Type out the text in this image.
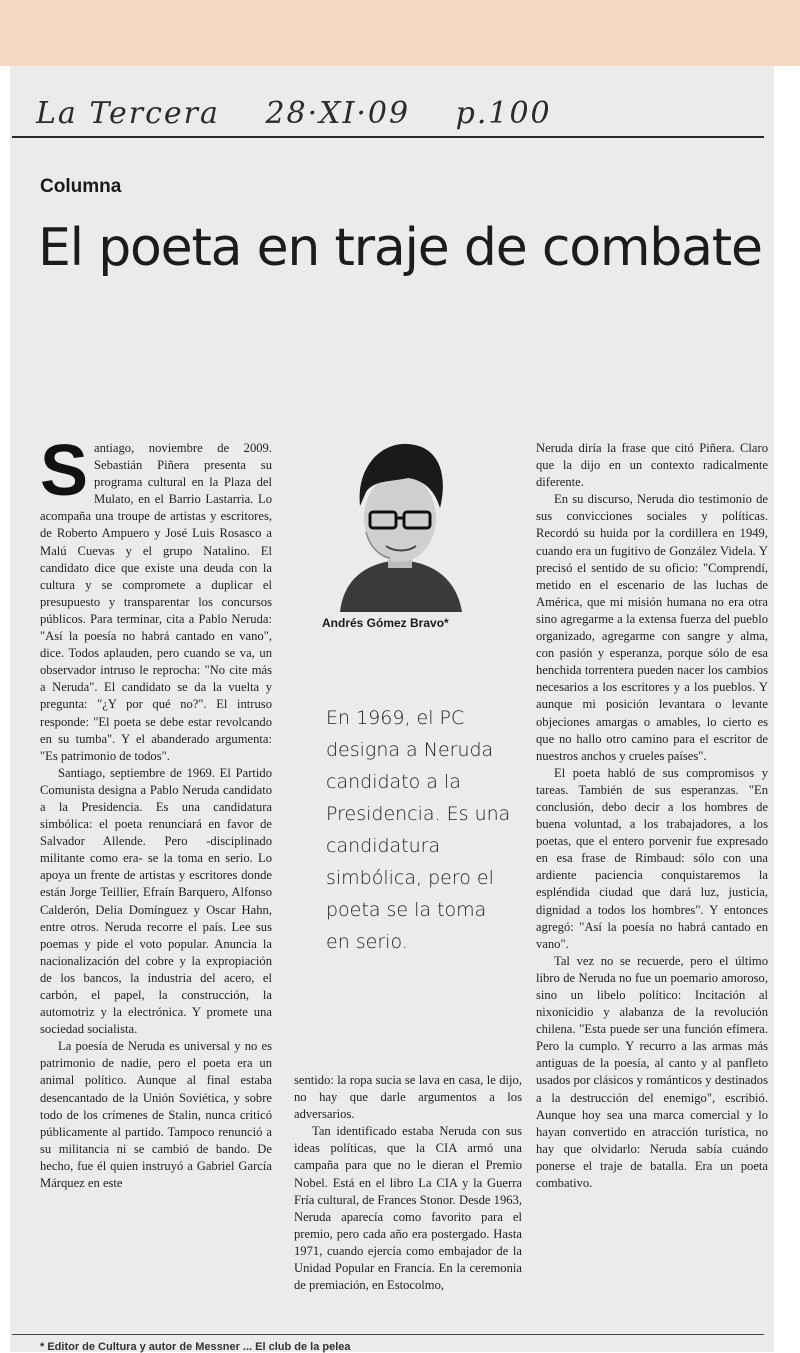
La Tercera 28·XI·09 p.100
Columna
El poeta en traje de combate

Santiago, noviembre de 2009. Sebastián Piñera presenta su programa cultural en la Plaza del Mulato, en el Barrio Lastarria. Lo acompaña una troupe de artistas y escritores, de Roberto Ampuero y José Luis Rosasco a Malú Cuevas y el grupo Natalino. El candidato dice que existe una deuda con la cultura y se compromete a duplicar el presupuesto y transparentar los concursos públicos. Para terminar, cita a Pablo Neruda: "Así la poesía no habrá cantado en vano", dice. Todos aplauden, pero cuando se va, un observador intruso le reprocha: "No cite más a Neruda". El candidato se da la vuelta y pregunta: "¿Y por qué no?". El intruso responde: "El poeta se debe estar revolcando en su tumba". Y el abanderado argumenta: "Es patrimonio de todos".

Santiago, septiembre de 1969. El Partido Comunista designa a Pablo Neruda candidato a la Presidencia. Es una candidatura simbólica: el poeta renunciará en favor de Salvador Allende. Pero -disciplinado militante como era- se la toma en serio. Lo apoya un frente de artistas y escritores donde están Jorge Teillier, Efraín Barquero, Alfonso Calderón, Delia Domínguez y Oscar Hahn, entre otros. Neruda recorre el país. Lee sus poemas y pide el voto popular. Anuncia la nacionalización del cobre y la expropiación de los bancos, la industria del acero, el carbón, el papel, la construcción, la automotriz y la electrónica. Y promete una sociedad socialista.

La poesía de Neruda es universal y no es patrimonio de nadie, pero el poeta era un animal político. Aunque al final estaba desencantado de la Unión Soviética, y sobre todo de los crímenes de Stalin, nunca criticó públicamente al partido. Tampoco renunció a su militancia ni se cambió de bando. De hecho, fue él quien instruyó a Gabriel García Márquez en este

Andrés Gómez Bravo*
En 1969, el PC designa a Neruda candidato a la Presidencia. Es una candidatura simbólica, pero el poeta se la toma en serio.

sentido: la ropa sucia se lava en casa, le dijo, no hay que darle argumentos a los adversarios.

Tan identificado estaba Neruda con sus ideas políticas, que la CIA armó una campaña para que no le dieran el Premio Nobel. Está en el libro La CIA y la Guerra Fría cultural, de Frances Stonor. Desde 1963, Neruda aparecía como favorito para el premio, pero cada año era postergado. Hasta 1971, cuando ejercía como embajador de la Unidad Popular en Francia. En la ceremonia de premiación, en Estocolmo,

Neruda diría la frase que citó Piñera. Claro que la dijo en un contexto radicalmente diferente.

En su discurso, Neruda dio testimonio de sus convicciones sociales y políticas. Recordó su huida por la cordillera en 1949, cuando era un fugitivo de González Videla. Y precisó el sentido de su oficio: "Comprendí, metido en el escenario de las luchas de América, que mi misión humana no era otra sino agregarme a la extensa fuerza del pueblo organizado, agregarme con sangre y alma, con pasión y esperanza, porque sólo de esa henchida torrentera pueden nacer los cambios necesarios a los escritores y a los pueblos. Y aunque mi posición levantara o levante objeciones amargas o amables, lo cierto es que no hallo otro camino para el escritor de nuestros anchos y crueles países".

El poeta habló de sus compromisos y tareas. También de sus esperanzas. "En conclusión, debo decir a los hombres de buena voluntad, a los trabajadores, a los poetas, que el entero porvenir fue expresado en esa frase de Rimbaud: sólo con una ardiente paciencia conquistaremos la espléndida ciudad que dará luz, justicia, dignidad a todos los hombres". Y entonces agregó: "Así la poesía no habrá cantado en vano".

Tal vez no se recuerde, pero el último libro de Neruda no fue un poemario amoroso, sino un libelo político: Incitación al nixonicidio y alabanza de la revolución chilena. "Esta puede ser una función efímera. Pero la cumplo. Y recurro a las armas más antiguas de la poesía, al canto y al panfleto usados por clásicos y románticos y destinados a la destrucción del enemigo", escribió. Aunque hoy sea una marca comercial y lo hayan convertido en atracción turística, no hay que olvidarlo: Neruda sabía cuándo ponerse el traje de batalla. Era un poeta combativo.

* Editor de Cultura y autor de Messner ... El club de la pelea
